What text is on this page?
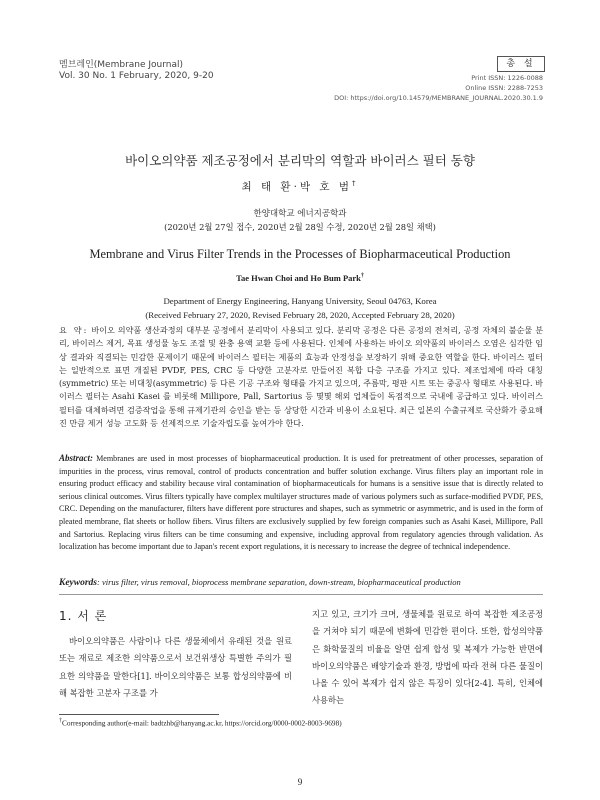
멤브레인(Membrane Journal)
Vol. 30 No. 1 February, 2020, 9-20
총 설
Print ISSN: 1226-0088
Online ISSN: 2288-7253
DOI: https://doi.org/10.14579/MEMBRANE_JOURNAL.2020.30.1.9
바이오의약품 제조공정에서 분리막의 역할과 바이러스 필터 동향
최 태 환·박 호 범†
한양대학교 에너지공학과
(2020년 2월 27일 접수, 2020년 2월 28일 수정, 2020년 2월 28일 채택)
Membrane and Virus Filter Trends in the Processes of Biopharmaceutical Production
Tae Hwan Choi and Ho Bum Park†
Department of Energy Engineering, Hanyang University, Seoul 04763, Korea
(Received February 27, 2020, Revised February 28, 2020, Accepted February 28, 2020)
요 약: 바이오 의약품 생산과정의 대부분 공정에서 분리막이 사용되고 있다. 분리막 공정은 다른 공정의 전처리, 공정 자체의 불순물 분리, 바이러스 제거, 목표 생성물 농도 조절 및 완충 용액 교환 등에 사용된다. 인체에 사용하는 바이오 의약품의 바이러스 오염은 심각한 임상 결과와 직결되는 민감한 문제이기 때문에 바이러스 필터는 제품의 효능과 안정성을 보장하기 위해 중요한 역할을 한다. 바이러스 필터는 일반적으로 표면 개질된 PVDF, PES, CRC 등 다양한 고분자로 만들어진 복합 다층 구조를 가지고 있다. 제조업체에 따라 대칭(symmetric) 또는 비대칭(asymmetric) 등 다른 기공 구조와 형태를 가지고 있으며, 주름막, 평판 시트 또는 중공사 형태로 사용된다. 바이러스 필터는 Asahi Kasei 를 비롯해 Millipore, Pall, Sartorius 등 몇몇 해외 업체들이 독점적으로 국내에 공급하고 있다. 바이러스 필터를 대체하려면 검증작업을 통해 규제기관의 승인을 받는 등 상당한 시간과 비용이 소요된다. 최근 일본의 수출규제로 국산화가 중요해진 만큼 제거 성능 고도화 등 선제적으로 기술자립도를 높여가야 한다.
Abstract: Membranes are used in most processes of biopharmaceutical production. It is used for pretreatment of other processes, separation of impurities in the process, virus removal, control of products concentration and buffer solution exchange. Virus filters play an important role in ensuring product efficacy and stability because viral contamination of biopharmaceuticals for humans is a sensitive issue that is directly related to serious clinical outcomes. Virus filters typically have complex multilayer structures made of various polymers such as surface-modified PVDF, PES, CRC. Depending on the manufacturer, filters have different pore structures and shapes, such as symmetric or asymmetric, and is used in the form of pleated membrane, flat sheets or hollow fibers. Virus filters are exclusively supplied by few foreign companies such as Asahi Kasei, Millipore, Pall and Sartorius. Replacing virus filters can be time consuming and expensive, including approval from regulatory agencies through validation. As localization has become important due to Japan's recent export regulations, it is necessary to increase the degree of technical independence.
Keywords: virus filter, virus removal, bioprocess membrane separation, down-stream, biopharmaceutical production
1. 서 론
바이오의약품은 사람이나 다른 생물체에서 유래된 것을 원료 또는 재료로 제조한 의약품으로서 보건위생상 특별한 주의가 필요한 의약품을 말한다[1]. 바이오의약품은 보통 합성의약품에 비해 복잡한 고분자 구조를 가
지고 있고, 크기가 크며, 생물체를 원료로 하여 복잡한 제조공정을 거쳐야 되기 때문에 변화에 민감한 편이다. 또한, 합성의약품은 화학물질의 비율을 알면 쉽게 합성 및 복제가 가능한 반면에 바이오의약품은 배양기술과 환경, 방법에 따라 전혀 다른 물질이 나올 수 있어 복제가 쉽지 않은 특징이 있다[2-4]. 특히, 인체에 사용하는
†Corresponding author(e-mail: badtzhb@hanyang.ac.kr, https://orcid.org/0000-0002-8003-9698)
9
